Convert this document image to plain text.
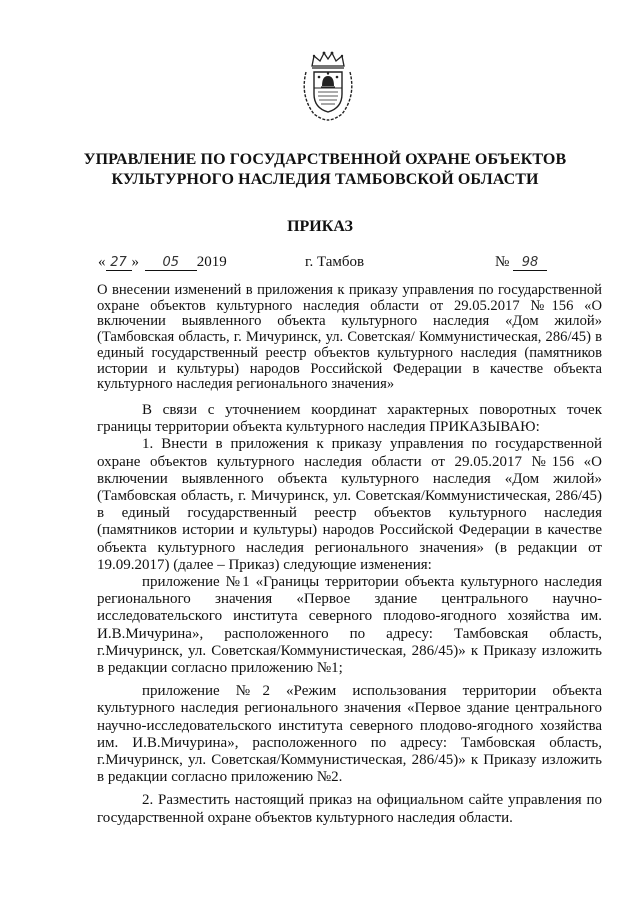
УПРАВЛЕНИЕ ПО ГОСУДАРСТВЕННОЙ ОХРАНЕ ОБЪЕКТОВ
КУЛЬТУРНОГО НАСЛЕДИЯ ТАМБОВСКОЙ ОБЛАСТИ
ПРИКАЗ
« 27 » 05 2019	г. Тамбов	№ 98
О внесении изменений в приложения к приказу управления по государственной охране объектов культурного наследия области от 29.05.2017 №156 «О включении выявленного объекта культурного наследия «Дом жилой» (Тамбовская область, г. Мичуринск, ул. Советская/ Коммунистическая, 286/45) в единый государственный реестр объектов культурного наследия (памятников истории и культуры) народов Российской Федерации в качестве объекта культурного наследия регионального значения»

В связи с уточнением координат характерных поворотных точек границы территории объекта культурного наследия ПРИКАЗЫВАЮ:

1. Внести в приложения к приказу управления по государственной охране объектов культурного наследия области от 29.05.2017 №156 «О включении выявленного объекта культурного наследия «Дом жилой» (Тамбовская область, г. Мичуринск, ул. Советская/Коммунистическая, 286/45) в единый государственный реестр объектов культурного наследия (памятников истории и культуры) народов Российской Федерации в качестве объекта культурного наследия регионального значения» (в редакции от 19.09.2017) (далее – Приказ) следующие изменения:

приложение №1 «Границы территории объекта культурного наследия регионального значения «Первое здание центрального научно-исследовательского института северного плодово-ягодного хозяйства им. И.В.Мичурина», расположенного по адресу: Тамбовская область, г.Мичуринск, ул. Советская/Коммунистическая, 286/45)» к Приказу изложить в редакции согласно приложению №1;

приложение №2 «Режим использования территории объекта культурного наследия регионального значения «Первое здание центрального научно-исследовательского института северного плодово-ягодного хозяйства им. И.В.Мичурина», расположенного по адресу: Тамбовская область, г.Мичуринск, ул. Советская/Коммунистическая, 286/45)» к Приказу изложить в редакции согласно приложению №2.

2. Разместить настоящий приказ на официальном сайте управления по государственной охране объектов культурного наследия области.
